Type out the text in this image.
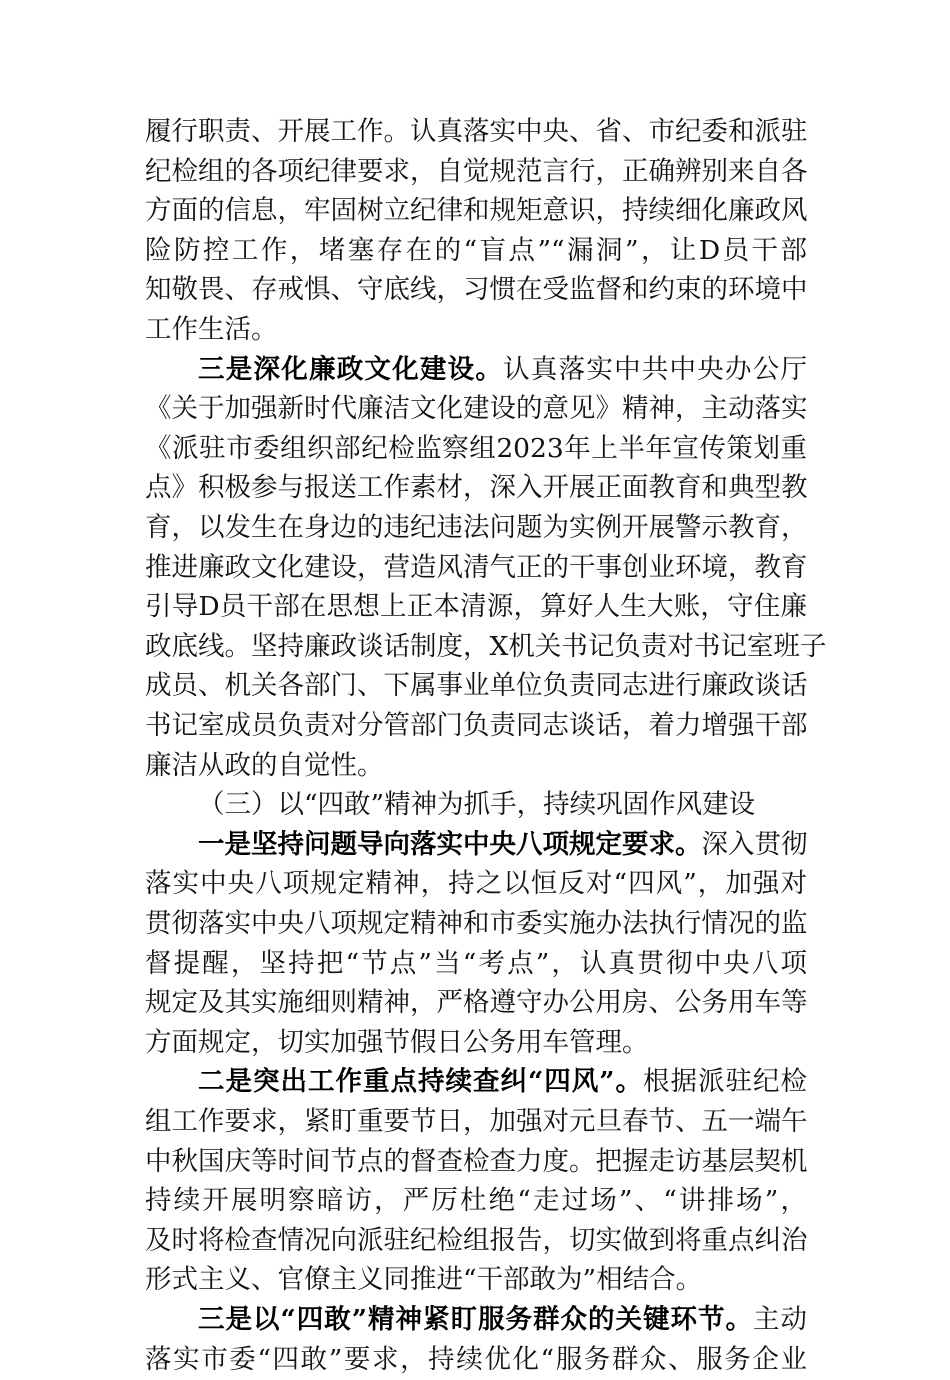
履行职责、开展工作。认真落实中央、省、市纪委和派驻
纪检组的各项纪律要求，自觉规范言行，正确辨别来自各
方面的信息，牢固树立纪律和规矩意识，持续细化廉政风
险防控工作，堵塞存在的“盲点”“漏洞”，让D员干部
知敬畏、存戒惧、守底线，习惯在受监督和约束的环境中
工作生活。
三是深化廉政文化建设。认真落实中共中央办公厅
《关于加强新时代廉洁文化建设的意见》精神，主动落实
《派驻市委组织部纪检监察组2023年上半年宣传策划重
点》积极参与报送工作素材，深入开展正面教育和典型教
育，以发生在身边的违纪违法问题为实例开展警示教育，
推进廉政文化建设，营造风清气正的干事创业环境，教育
引导D员干部在思想上正本清源，算好人生大账，守住廉
政底线。坚持廉政谈话制度，X机关书记负责对书记室班子
成员、机关各部门、下属事业单位负责同志进行廉政谈话
书记室成员负责对分管部门负责同志谈话，着力增强干部
廉洁从政的自觉性。
（三）以“四敢”精神为抓手，持续巩固作风建设
一是坚持问题导向落实中央八项规定要求。深入贯彻
落实中央八项规定精神，持之以恒反对“四风”，加强对
贯彻落实中央八项规定精神和市委实施办法执行情况的监
督提醒，坚持把“节点”当“考点”，认真贯彻中央八项
规定及其实施细则精神，严格遵守办公用房、公务用车等
方面规定，切实加强节假日公务用车管理。
二是突出工作重点持续查纠“四风”。根据派驻纪检
组工作要求，紧盯重要节日，加强对元旦春节、五一端午
中秋国庆等时间节点的督查检查力度。把握走访基层契机
持续开展明察暗访，严厉杜绝“走过场”、“讲排场”，
及时将检查情况向派驻纪检组报告，切实做到将重点纠治
形式主义、官僚主义同推进“干部敢为”相结合。
三是以“四敢”精神紧盯服务群众的关键环节。主动
落实市委“四敢”要求，持续优化“服务群众、服务企业
